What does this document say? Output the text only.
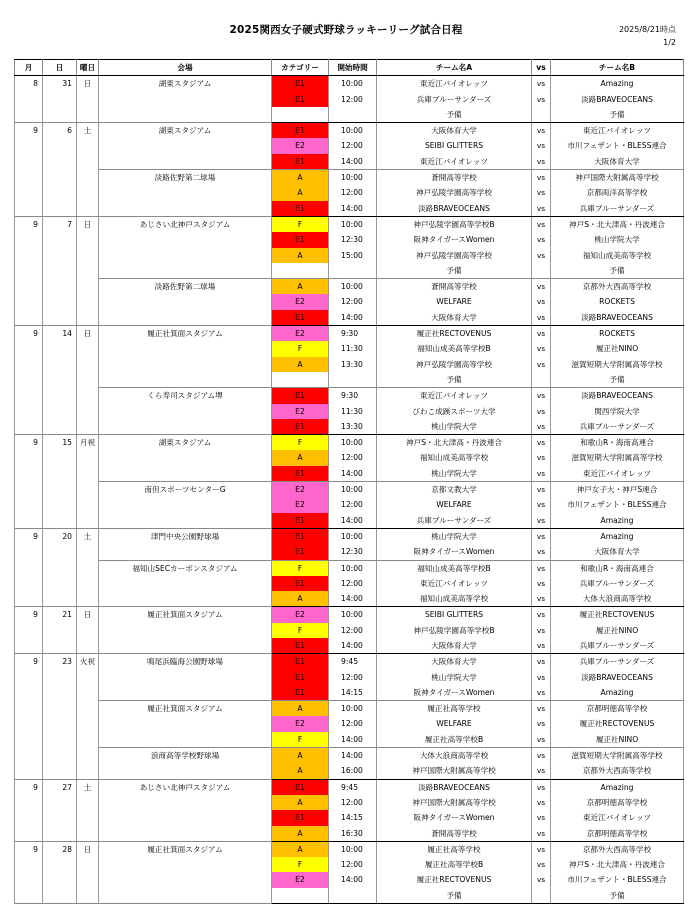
2025関西女子硬式野球ラッキーリーグ試合日程	2025/8/21時点
1/2
月	日	曜日	会場	カテゴリー	開始時間	チーム名A	vs	チーム名B
8	31	日	湖東スタジアム	E1	10:00	東近江バイオレッツ	vs	Amazing
				E1	12:00	兵庫ブルーサンダーズ	vs	淡路BRAVEOCEANS
						予備		予備
9	6	土	湖東スタジアム	E1	10:00	大阪体育大学	vs	東近江バイオレッツ
				E2	12:00	SEIBI GLITTERS	vs	市川フェザント・BLESS連合
				E1	14:00	東近江バイオレッツ	vs	大阪体育大学
			淡路佐野第二球場	A	10:00	蒼開高等学校	vs	神戸国際大附属高等学校
				A	12:00	神戸弘陵学園高等学校	vs	京都両洋高等学校
				E1	14:00	淡路BRAVEOCEANS	vs	兵庫ブルーサンダーズ
9	7	日	あじさい北神戸スタジアム	F	10:00	神戸弘陵学園高等学校B	vs	神戸S・北大津高・丹波連合
				E1	12:30	阪神タイガースWomen	vs	桃山学院大学
				A	15:00	神戸弘陵学園高等学校	vs	福知山成美高等学校
						予備		予備
			淡路佐野第二球場	A	10:00	蒼開高等学校	vs	京都外大西高等学校
				E2	12:00	WELFARE	vs	ROCKETS
				E1	14:00	大阪体育大学	vs	淡路BRAVEOCEANS
9	14	日	履正社箕面スタジアム	E2	9:30	履正社RECTOVENUS	vs	ROCKETS
				F	11:30	福知山成美高等学校B	vs	履正社NINO
				A	13:30	神戸弘陵学園高等学校	vs	滋賀短期大学附属高等学校
						予備		予備
			くら寿司スタジアム堺	E1	9:30	東近江バイオレッツ	vs	淡路BRAVEOCEANS
				E2	11:30	びわこ成蹊スポーツ大学	vs	関西学院大学
				E1	13:30	桃山学院大学	vs	兵庫ブルーサンダーズ
9	15	月祝	湖東スタジアム	F	10:00	神戸S・北大津高・丹波連合	vs	和歌山R・海南高連合
				A	12:00	福知山成美高等学校	vs	滋賀短期大学附属高等学校
				E1	14:00	桃山学院大学	vs	東近江バイオレッツ
			南但スポーツセンターG	E2	10:00	京都文教大学	vs	神戸女子大・神戸S連合
				E2	12:00	WELFARE	vs	市川フェザント・BLESS連合
				E1	14:00	兵庫ブルーサンダーズ	vs	Amazing
9	20	土	津門中央公園野球場	E1	10:00	桃山学院大学	vs	Amazing
				E1	12:30	阪神タイガースWomen	vs	大阪体育大学
			福知山SECカーボンスタジアム	F	10:00	福知山成美高等学校B	vs	和歌山R・海南高連合
				E1	12:00	東近江バイオレッツ	vs	兵庫ブルーサンダーズ
				A	14:00	福知山成美高等学校	vs	大体大浪商高等学校
9	21	日	履正社箕面スタジアム	E2	10:00	SEIBI GLITTERS	vs	履正社RECTOVENUS
				F	12:00	神戸弘陵学園高等学校B	vs	履正社NINO
				E1	14:00	大阪体育大学	vs	兵庫ブルーサンダーズ
9	23	火祝	鳴尾浜臨海公園野球場	E1	9:45	大阪体育大学	vs	兵庫ブルーサンダーズ
				E1	12:00	桃山学院大学	vs	淡路BRAVEOCEANS
				E1	14:15	阪神タイガースWomen	vs	Amazing
			履正社箕面スタジアム	A	10:00	履正社高等学校	vs	京都明徳高等学校
				E2	12:00	WELFARE	vs	履正社RECTOVENUS
				F	14:00	履正社高等学校B	vs	履正社NINO
			浪商高等学校野球場	A	14:00	大体大浪商高等学校	vs	滋賀短期大学附属高等学校
				A	16:00	神戸国際大附属高等学校	vs	京都外大西高等学校
9	27	土	あじさい北神戸スタジアム	E1	9:45	淡路BRAVEOCEANS	vs	Amazing
				A	12:00	神戸国際大附属高等学校	vs	京都明徳高等学校
				E1	14:15	阪神タイガースWomen	vs	東近江バイオレッツ
				A	16:30	蒼開高等学校	vs	京都明徳高等学校
9	28	日	履正社箕面スタジアム	A	10:00	履正社高等学校	vs	京都外大西高等学校
				F	12:00	履正社高等学校B	vs	神戸S・北大津高・丹波連合
				E2	14:00	履正社RECTOVENUS	vs	市川フェザント・BLESS連合
						予備		予備
